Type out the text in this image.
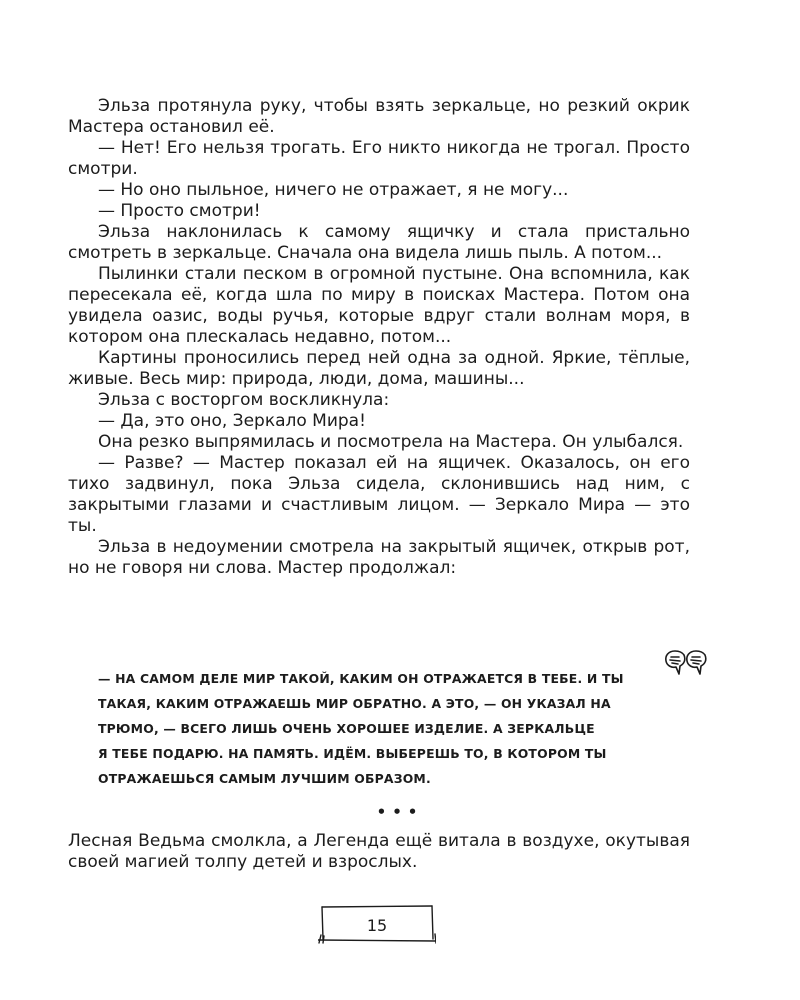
Эльза протянула руку, чтобы взять зеркальце, но резкий окрик Мастера остановил её.

— Нет! Его нельзя трогать. Его никто никогда не трогал. Просто смотри.

— Но оно пыльное, ничего не отражает, я не могу...

— Просто смотри!

Эльза наклонилась к самому ящичку и стала пристально смотреть в зеркальце. Сначала она видела лишь пыль. А потом...

Пылинки стали песком в огромной пустыне. Она вспомнила, как пересекала её, когда шла по миру в поисках Мастера. Потом она увидела оазис, воды ручья, которые вдруг стали волнам моря, в котором она плескалась недавно, потом...

Картины проносились перед ней одна за одной. Яркие, тёплые, живые. Весь мир: природа, люди, дома, машины...

Эльза с восторгом воскликнула:

— Да, это оно, Зеркало Мира!

Она резко выпрямилась и посмотрела на Мастера. Он улыбался.

— Разве? — Мастер показал ей на ящичек. Оказалось, он его тихо задвинул, пока Эльза сидела, склонившись над ним, с закрытыми глазами и счастливым лицом. — Зеркало Мира — это ты.

Эльза в недоумении смотрела на закрытый ящичек, открыв рот, но не говоря ни слова. Мастер продолжал:

— НА САМОМ ДЕЛЕ МИР ТАКОЙ, КАКИМ ОН ОТРАЖАЕТСЯ В ТЕБЕ. И ТЫ

ТАКАЯ, КАКИМ ОТРАЖАЕШЬ МИР ОБРАТНО. А ЭТО, — ОН УКАЗАЛ НА

ТРЮМО, — ВСЕГО ЛИШЬ ОЧЕНЬ ХОРОШЕЕ ИЗДЕЛИЕ. А ЗЕРКАЛЬЦЕ

Я ТЕБЕ ПОДАРЮ. НА ПАМЯТЬ. ИДЁМ. ВЫБЕРЕШЬ ТО, В КОТОРОМ ТЫ

ОТРАЖАЕШЬСЯ САМЫМ ЛУЧШИМ ОБРАЗОМ.

•••

Лесная Ведьма смолкла, а Легенда ещё витала в воздухе, окутывая своей магией толпу детей и взрослых.

15
